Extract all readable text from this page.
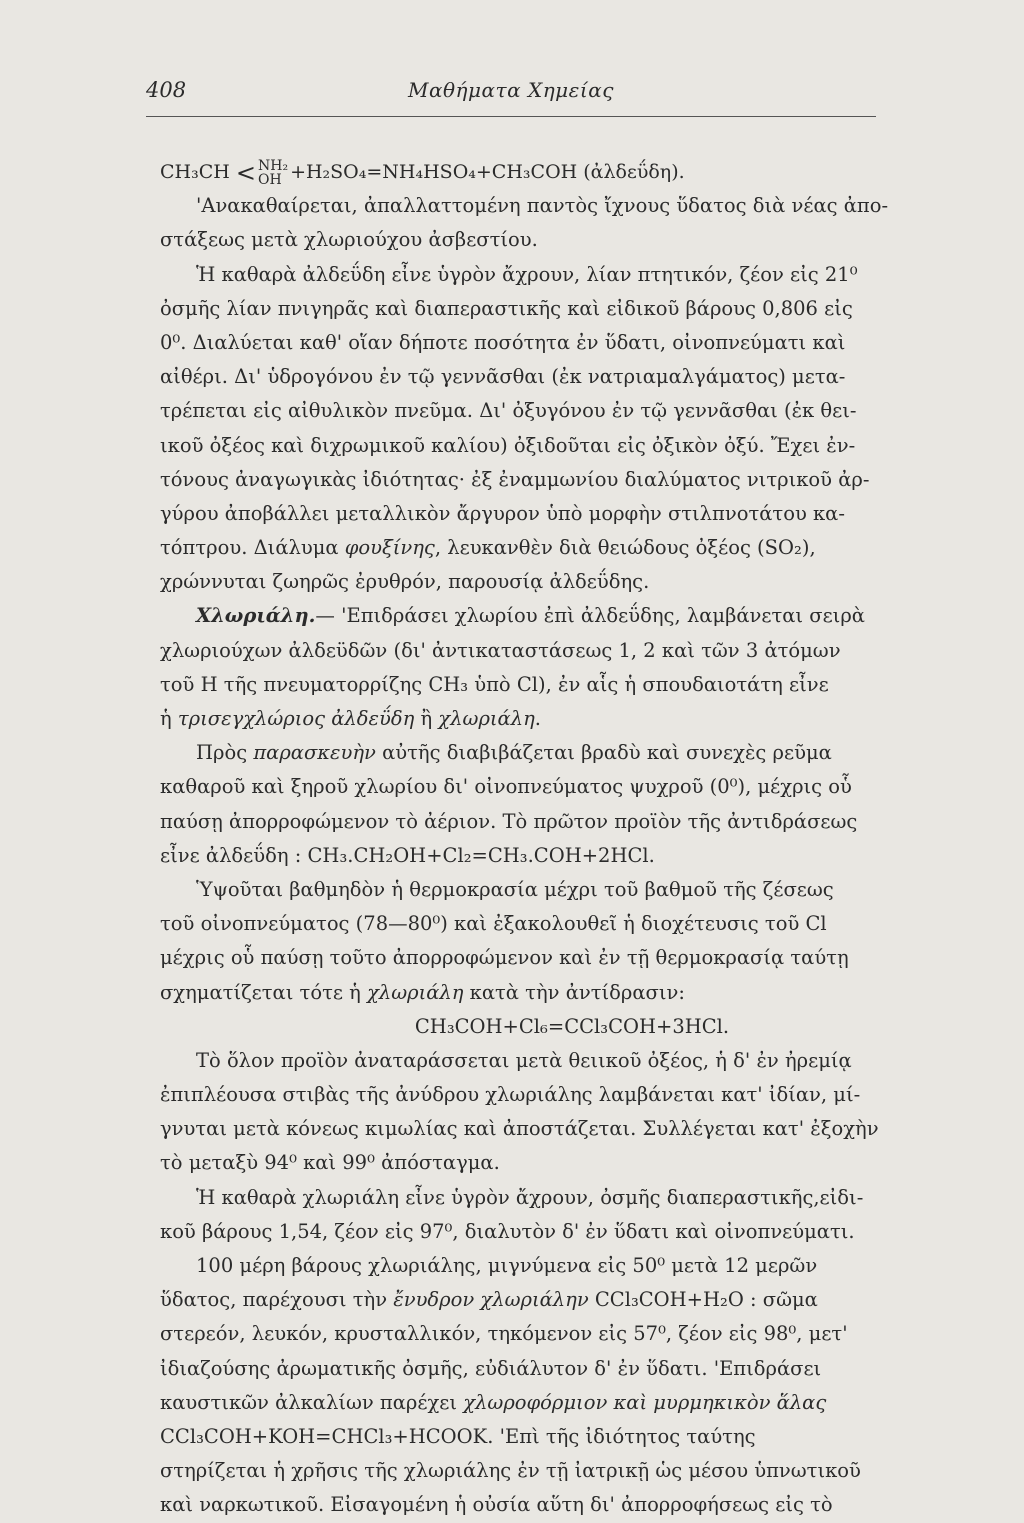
408	Μαθήματα Χημείας
CH₃CH < NH₂
OH +H₂SO₄=NH₄HSO₄+CH₃COH (ἀλδεΰδη).
'Ανακαθαίρεται, ἀπαλλαττομένη παντὸς ἴχνους ὕδατος διὰ νέας ἀπο-
στάξεως μετὰ χλωριούχου ἀσβεστίου.
Ἡ καθαρὰ ἀλδεΰδη εἶνε ὑγρὸν ἄχρουν, λίαν πτητικόν, ζέον εἰς 21⁰
ὀσμῆς λίαν πνιγηρᾶς καὶ διαπεραστικῆς καὶ εἰδικοῦ βάρους 0,806 εἰς
0⁰. Διαλύεται καθ' οἵαν δήποτε ποσότητα ἐν ὕδατι, οἰνοπνεύματι καὶ
αἰθέρι. Δι' ὑδρογόνου ἐν τῷ γεννᾶσθαι (ἐκ νατριαμαλγάματος) μετα-
τρέπεται εἰς αἰθυλικὸν πνεῦμα. Δι' ὀξυγόνου ἐν τῷ γεννᾶσθαι (ἐκ θει-
ικοῦ ὀξέος καὶ διχρωμικοῦ καλίου) ὀξιδοῦται εἰς ὀξικὸν ὀξύ. Ἔχει ἐν-
τόνους ἀναγωγικὰς ἰδιότητας· ἐξ ἐναμμωνίου διαλύματος νιτρικοῦ ἀρ-
γύρου ἀποβάλλει μεταλλικὸν ἄργυρον ὑπὸ μορφὴν στιλπνοτάτου κα-
τόπτρου. Διάλυμα φουξίνης, λευκανθὲν διὰ θειώδους ὀξέος (SO₂),
χρώννυται ζωηρῶς ἐρυθρόν, παρουσίᾳ ἀλδεΰδης.
Χλωριάλη.— 'Επιδράσει χλωρίου ἐπὶ ἀλδεΰδης, λαμβάνεται σειρὰ
χλωριούχων ἀλδεϋδῶν (δι' ἀντικαταστάσεως 1, 2 καὶ τῶν 3 ἀτόμων
τοῦ Η τῆς πνευματορρίζης CH₃ ὑπὸ Cl), ἐν αἷς ἡ σπουδαιοτάτη εἶνε
ἡ τρισεγχλώριος ἀλδεΰδη ἢ χλωριάλη.
Πρὸς παρασκευὴν αὐτῆς διαβιβάζεται βραδὺ καὶ συνεχὲς ρεῦμα
καθαροῦ καὶ ξηροῦ χλωρίου δι' οἰνοπνεύματος ψυχροῦ (0⁰), μέχρις οὗ
παύσῃ ἀπορροφώμενον τὸ ἀέριον. Τὸ πρῶτον προϊὸν τῆς ἀντιδράσεως
εἶνε ἀλδεΰδη : CH₃.CH₂OH+Cl₂=CH₃.COH+2HCl.
Ὑψοῦται βαθμηδὸν ἡ θερμοκρασία μέχρι τοῦ βαθμοῦ τῆς ζέσεως
τοῦ οἰνοπνεύματος (78—80⁰) καὶ ἐξακολουθεῖ ἡ διοχέτευσις τοῦ Cl
μέχρις οὗ παύσῃ τοῦτο ἀπορροφώμενον καὶ ἐν τῇ θερμοκρασίᾳ ταύτῃ
σχηματίζεται τότε ἡ χλωριάλη κατὰ τὴν ἀντίδρασιν:
CH₃COH+Cl₆=CCl₃COH+3HCl.
Τὸ ὅλον προϊὸν ἀναταράσσεται μετὰ θειικοῦ ὀξέος, ἡ δ' ἐν ἠρεμίᾳ
ἐπιπλέουσα στιβὰς τῆς ἀνύδρου χλωριάλης λαμβάνεται κατ' ἰδίαν, μί-
γνυται μετὰ κόνεως κιμωλίας καὶ ἀποστάζεται. Συλλέγεται κατ' ἐξοχὴν
τὸ μεταξὺ 94⁰ καὶ 99⁰ ἀπόσταγμα.
Ἡ καθαρὰ χλωριάλη εἶνε ὑγρὸν ἄχρουν, ὀσμῆς διαπεραστικῆς,εἰδι-
κοῦ βάρους 1,54, ζέον εἰς 97⁰, διαλυτὸν δ' ἐν ὕδατι καὶ οἰνοπνεύματι.
100 μέρη βάρους χλωριάλης, μιγνύμενα εἰς 50⁰ μετὰ 12 μερῶν
ὕδατος, παρέχουσι τὴν ἔνυδρον χλωριάλην CCl₃COH+H₂O : σῶμα
στερεόν, λευκόν, κρυσταλλικόν, τηκόμενον εἰς 57⁰, ζέον εἰς 98⁰, μετ'
ἰδιαζούσης ἀρωματικῆς ὀσμῆς, εὐδιάλυτον δ' ἐν ὕδατι. 'Επιδράσει
καυστικῶν ἀλκαλίων παρέχει χλωροφόρμιον καὶ μυρμηκικὸν ἅλας
CCl₃COH+KOH=CHCl₃+HCOOK. 'Επὶ τῆς ἰδιότητος ταύτης
στηρίζεται ἡ χρῆσις τῆς χλωριάλης ἐν τῇ ἰατρικῇ ὡς μέσου ὑπνωτικοῦ
καὶ ναρκωτικοῦ. Εἰσαγομένη ἡ οὐσία αὕτη δι' ἀπορροφήσεως εἰς τὸ
